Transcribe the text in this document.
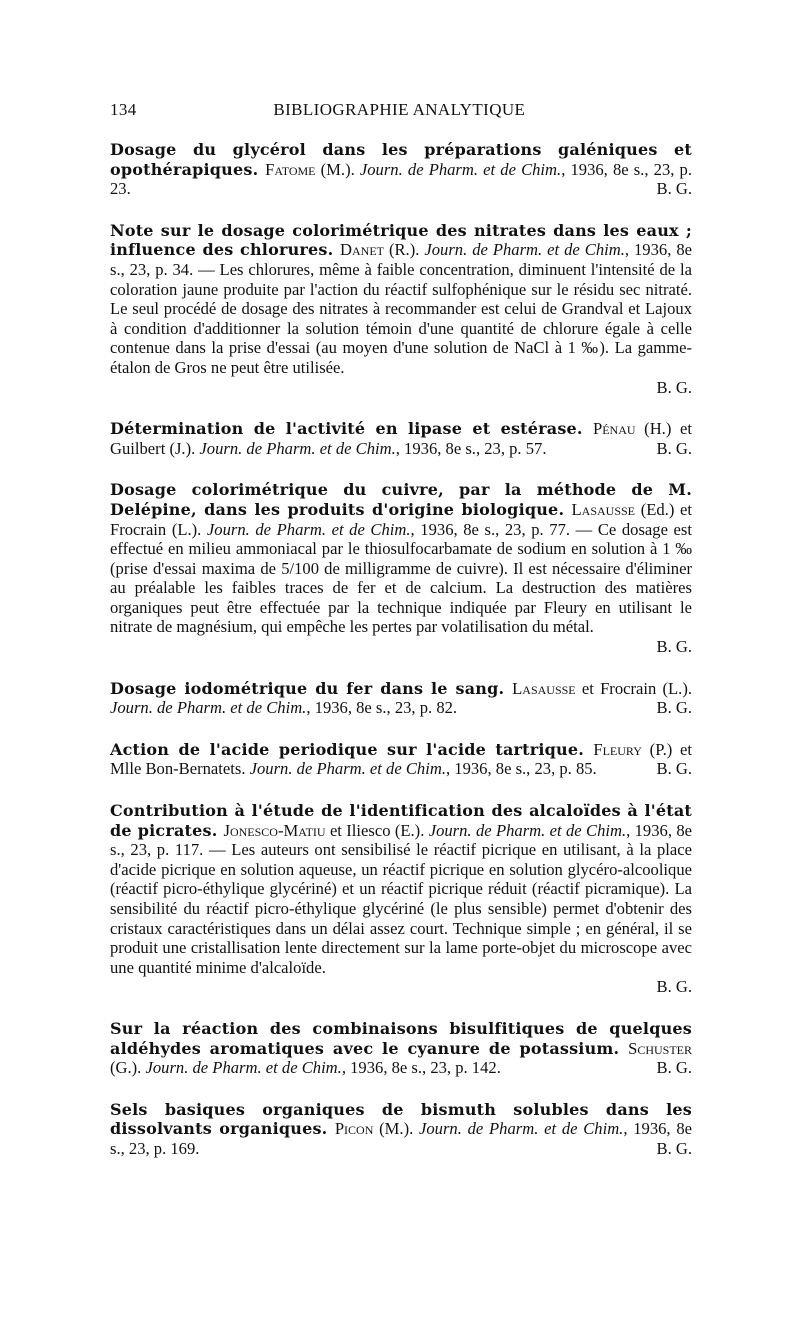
134	BIBLIOGRAPHIE ANALYTIQUE
Dosage du glycérol dans les préparations galéniques et opothérapiques. Fatome (M.). Journ. de Pharm. et de Chim., 1936, 8e s., 23, p. 23.	B. G.
Note sur le dosage colorimétrique des nitrates dans les eaux ; influence des chlorures. Danet (R.). Journ. de Pharm. et de Chim., 1936, 8e s., 23, p. 34. — Les chlorures, même à faible concentration, diminuent l'intensité de la coloration jaune produite par l'action du réactif sulfophénique sur le résidu sec nitraté. Le seul procédé de dosage des nitrates à recommander est celui de Grandval et Lajoux à condition d'additionner la solution témoin d'une quantité de chlorure égale à celle contenue dans la prise d'essai (au moyen d'une solution de NaCl à 1 ‰). La gamme-étalon de Gros ne peut être utilisée.
B. G.
Détermination de l'activité en lipase et estérase. Pénau (H.) et Guilbert (J.). Journ. de Pharm. et de Chim., 1936, 8e s., 23, p. 57.	B. G.
Dosage colorimétrique du cuivre, par la méthode de M. Delépine, dans les produits d'origine biologique. Lasausse (Ed.) et Frocrain (L.). Journ. de Pharm. et de Chim., 1936, 8e s., 23, p. 77. — Ce dosage est effectué en milieu ammoniacal par le thiosulfocarbamate de sodium en solution à 1 ‰ (prise d'essai maxima de 5/100 de milligramme de cuivre). Il est nécessaire d'éliminer au préalable les faibles traces de fer et de calcium. La destruction des matières organiques peut être effectuée par la technique indiquée par Fleury en utilisant le nitrate de magnésium, qui empêche les pertes par volatilisation du métal.
B. G.
Dosage iodométrique du fer dans le sang. Lasausse et Frocrain (L.). Journ. de Pharm. et de Chim., 1936, 8e s., 23, p. 82.	B. G.
Action de l'acide periodique sur l'acide tartrique. Fleury (P.) et Mlle Bon-Bernatets. Journ. de Pharm. et de Chim., 1936, 8e s., 23, p. 85.	B. G.
Contribution à l'étude de l'identification des alcaloïdes à l'état de picrates. Jonesco-Matiu et Iliesco (E.). Journ. de Pharm. et de Chim., 1936, 8e s., 23, p. 117. — Les auteurs ont sensibilisé le réactif picrique en utilisant, à la place d'acide picrique en solution aqueuse, un réactif picrique en solution glycéro-alcoolique (réactif picro-éthylique glycériné) et un réactif picrique réduit (réactif picramique). La sensibilité du réactif picro-éthylique glycériné (le plus sensible) permet d'obtenir des cristaux caractéristiques dans un délai assez court. Technique simple ; en général, il se produit une cristallisation lente directement sur la lame porte-objet du microscope avec une quantité minime d'alcaloïde.
B. G.
Sur la réaction des combinaisons bisulfitiques de quelques aldéhydes aromatiques avec le cyanure de potassium. Schuster (G.). Journ. de Pharm. et de Chim., 1936, 8e s., 23, p. 142.	B. G.
Sels basiques organiques de bismuth solubles dans les dissolvants organiques. Picon (M.). Journ. de Pharm. et de Chim., 1936, 8e s., 23, p. 169.	B. G.
